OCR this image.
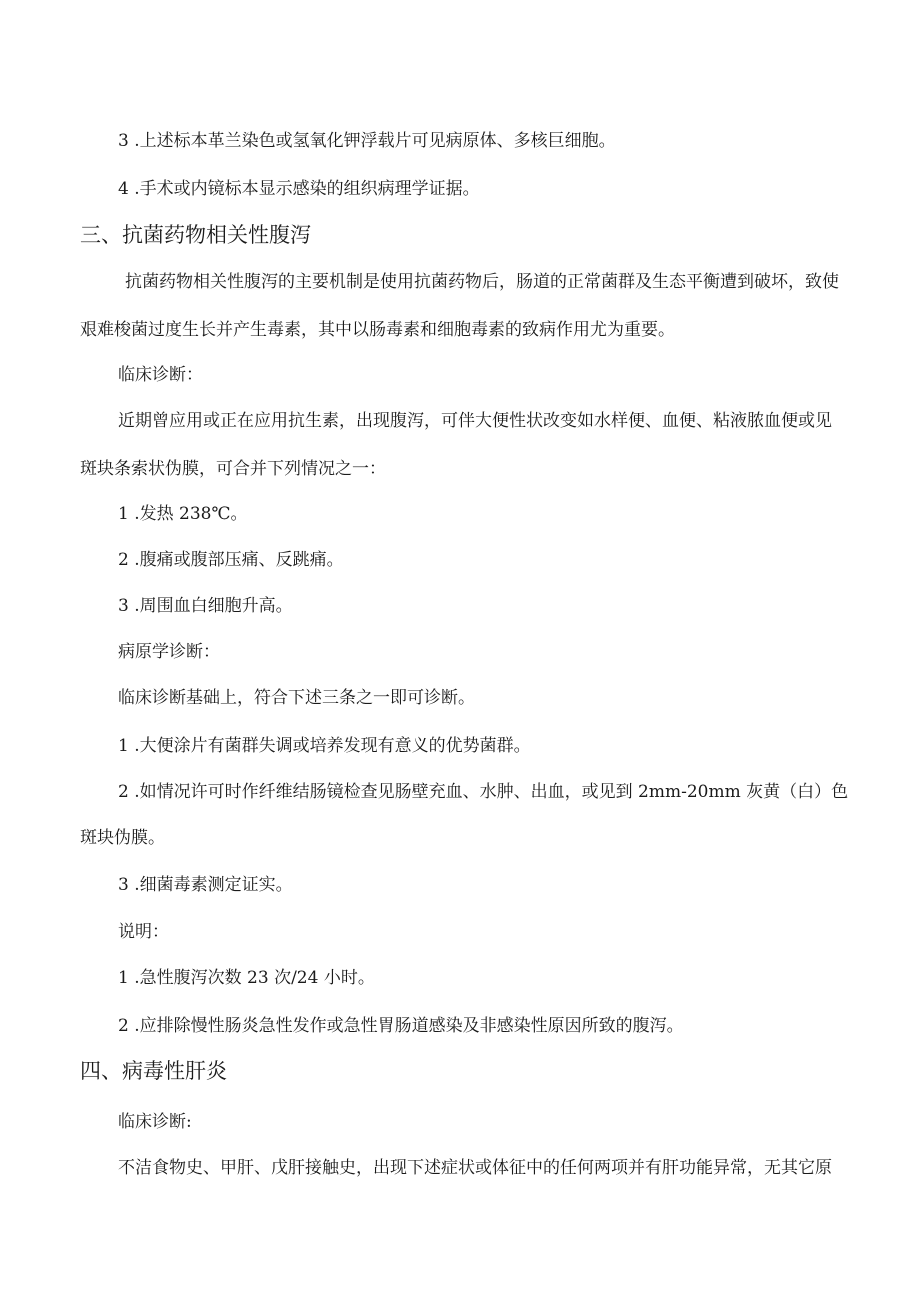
3 .上述标本革兰染色或氢氧化钾浮载片可见病原体、多核巨细胞。
4 .手术或内镜标本显示感染的组织病理学证据。
三、抗菌药物相关性腹泻
抗菌药物相关性腹泻的主要机制是使用抗菌药物后，肠道的正常菌群及生态平衡遭到破坏，致使
艰难梭菌过度生长并产生毒素，其中以肠毒素和细胞毒素的致病作用尤为重要。
临床诊断：
近期曾应用或正在应用抗生素，出现腹泻，可伴大便性状改变如水样便、血便、粘液脓血便或见
斑块条索状伪膜，可合并下列情况之一：
1 .发热 238℃。
2 .腹痛或腹部压痛、反跳痛。
3 .周围血白细胞升高。
病原学诊断：
临床诊断基础上，符合下述三条之一即可诊断。
1 .大便涂片有菌群失调或培养发现有意义的优势菌群。
2 .如情况许可时作纤维结肠镜检查见肠壁充血、水肿、出血，或见到 2mm-20mm 灰黄（白）色
斑块伪膜。
3 .细菌毒素测定证实。
说明：
1 .急性腹泻次数 23 次/24 小时。
2 .应排除慢性肠炎急性发作或急性胃肠道感染及非感染性原因所致的腹泻。
四、病毒性肝炎
临床诊断:
不洁食物史、甲肝、戊肝接触史，出现下述症状或体征中的任何两项并有肝功能异常，无其它原
